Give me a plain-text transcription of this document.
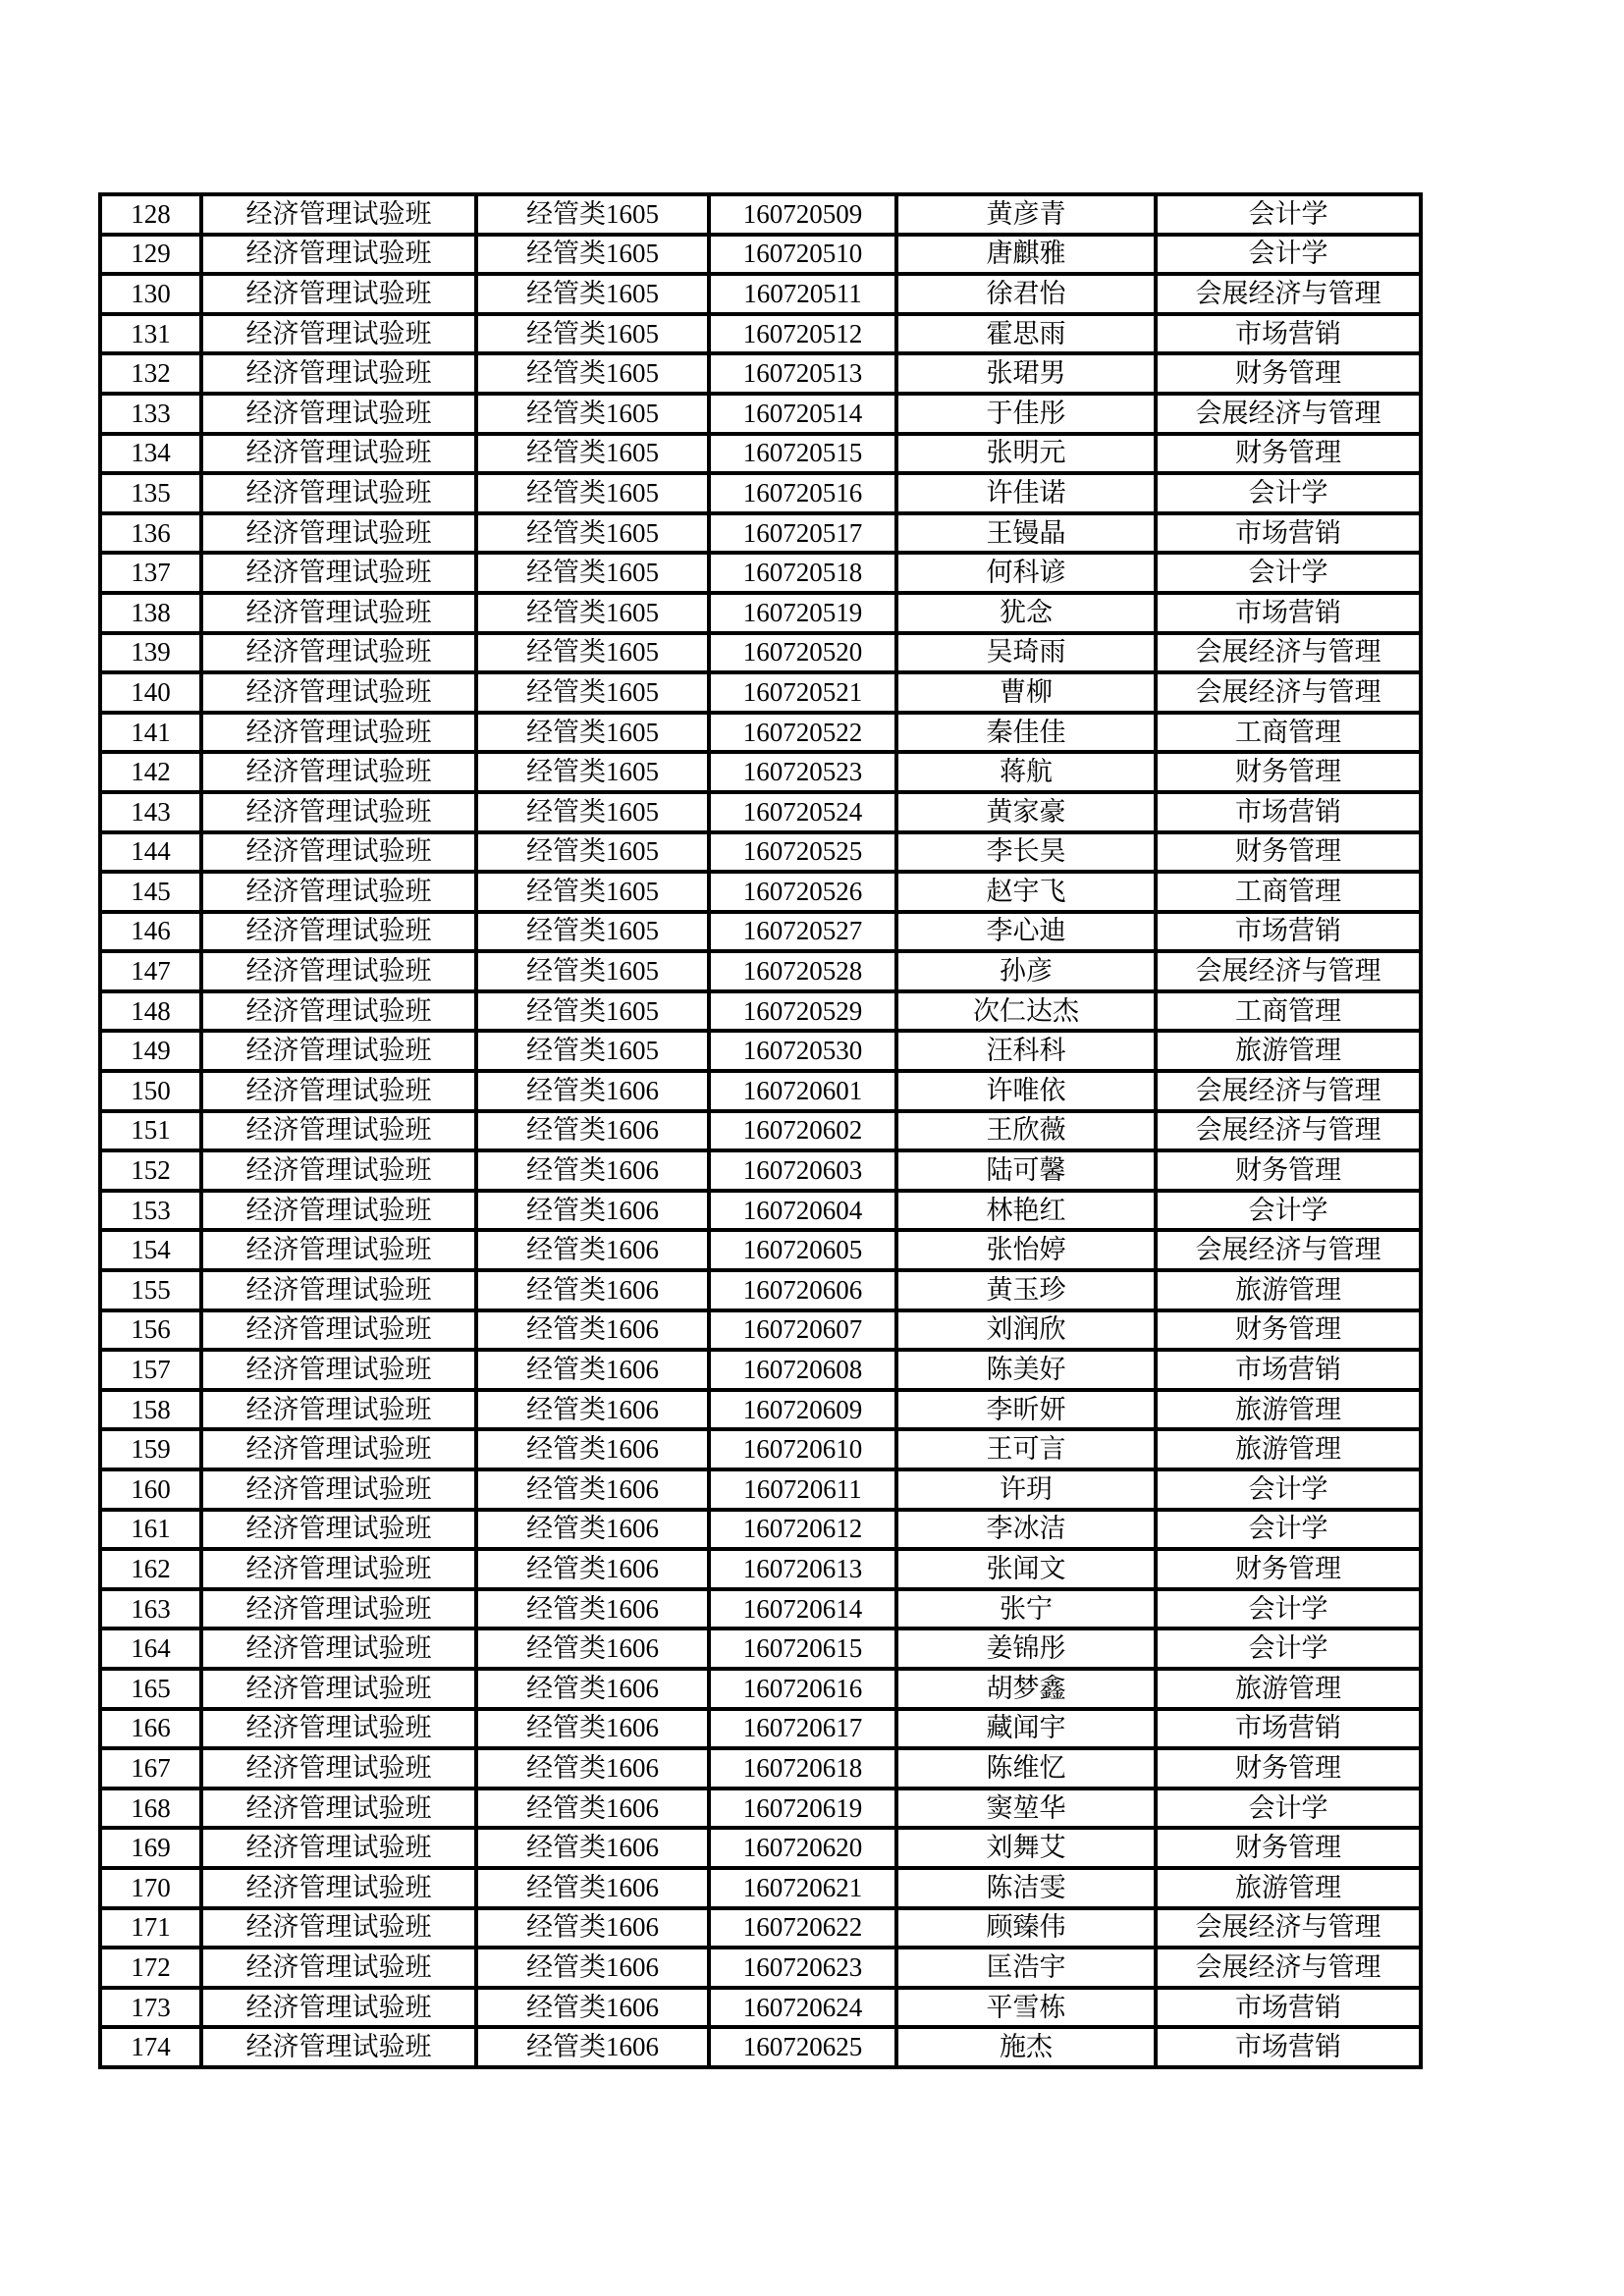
128	经济管理试验班	经管类1605	160720509	黄彦青	会计学
129	经济管理试验班	经管类1605	160720510	唐麒雅	会计学
130	经济管理试验班	经管类1605	160720511	徐君怡	会展经济与管理
131	经济管理试验班	经管类1605	160720512	霍思雨	市场营销
132	经济管理试验班	经管类1605	160720513	张珺男	财务管理
133	经济管理试验班	经管类1605	160720514	于佳彤	会展经济与管理
134	经济管理试验班	经管类1605	160720515	张明元	财务管理
135	经济管理试验班	经管类1605	160720516	许佳诺	会计学
136	经济管理试验班	经管类1605	160720517	王镘晶	市场营销
137	经济管理试验班	经管类1605	160720518	何科谚	会计学
138	经济管理试验班	经管类1605	160720519	犹念	市场营销
139	经济管理试验班	经管类1605	160720520	吴琦雨	会展经济与管理
140	经济管理试验班	经管类1605	160720521	曹柳	会展经济与管理
141	经济管理试验班	经管类1605	160720522	秦佳佳	工商管理
142	经济管理试验班	经管类1605	160720523	蒋航	财务管理
143	经济管理试验班	经管类1605	160720524	黄家豪	市场营销
144	经济管理试验班	经管类1605	160720525	李长昊	财务管理
145	经济管理试验班	经管类1605	160720526	赵宇飞	工商管理
146	经济管理试验班	经管类1605	160720527	李心迪	市场营销
147	经济管理试验班	经管类1605	160720528	孙彦	会展经济与管理
148	经济管理试验班	经管类1605	160720529	次仁达杰	工商管理
149	经济管理试验班	经管类1605	160720530	汪科科	旅游管理
150	经济管理试验班	经管类1606	160720601	许唯依	会展经济与管理
151	经济管理试验班	经管类1606	160720602	王欣薇	会展经济与管理
152	经济管理试验班	经管类1606	160720603	陆可馨	财务管理
153	经济管理试验班	经管类1606	160720604	林艳红	会计学
154	经济管理试验班	经管类1606	160720605	张怡婷	会展经济与管理
155	经济管理试验班	经管类1606	160720606	黄玉珍	旅游管理
156	经济管理试验班	经管类1606	160720607	刘润欣	财务管理
157	经济管理试验班	经管类1606	160720608	陈美好	市场营销
158	经济管理试验班	经管类1606	160720609	李昕妍	旅游管理
159	经济管理试验班	经管类1606	160720610	王可言	旅游管理
160	经济管理试验班	经管类1606	160720611	许玥	会计学
161	经济管理试验班	经管类1606	160720612	李冰洁	会计学
162	经济管理试验班	经管类1606	160720613	张闻文	财务管理
163	经济管理试验班	经管类1606	160720614	张宁	会计学
164	经济管理试验班	经管类1606	160720615	姜锦彤	会计学
165	经济管理试验班	经管类1606	160720616	胡梦鑫	旅游管理
166	经济管理试验班	经管类1606	160720617	藏闻宇	市场营销
167	经济管理试验班	经管类1606	160720618	陈维忆	财务管理
168	经济管理试验班	经管类1606	160720619	窦堃华	会计学
169	经济管理试验班	经管类1606	160720620	刘舞艾	财务管理
170	经济管理试验班	经管类1606	160720621	陈洁雯	旅游管理
171	经济管理试验班	经管类1606	160720622	顾臻伟	会展经济与管理
172	经济管理试验班	经管类1606	160720623	匡浩宇	会展经济与管理
173	经济管理试验班	经管类1606	160720624	平雪栋	市场营销
174	经济管理试验班	经管类1606	160720625	施杰	市场营销
